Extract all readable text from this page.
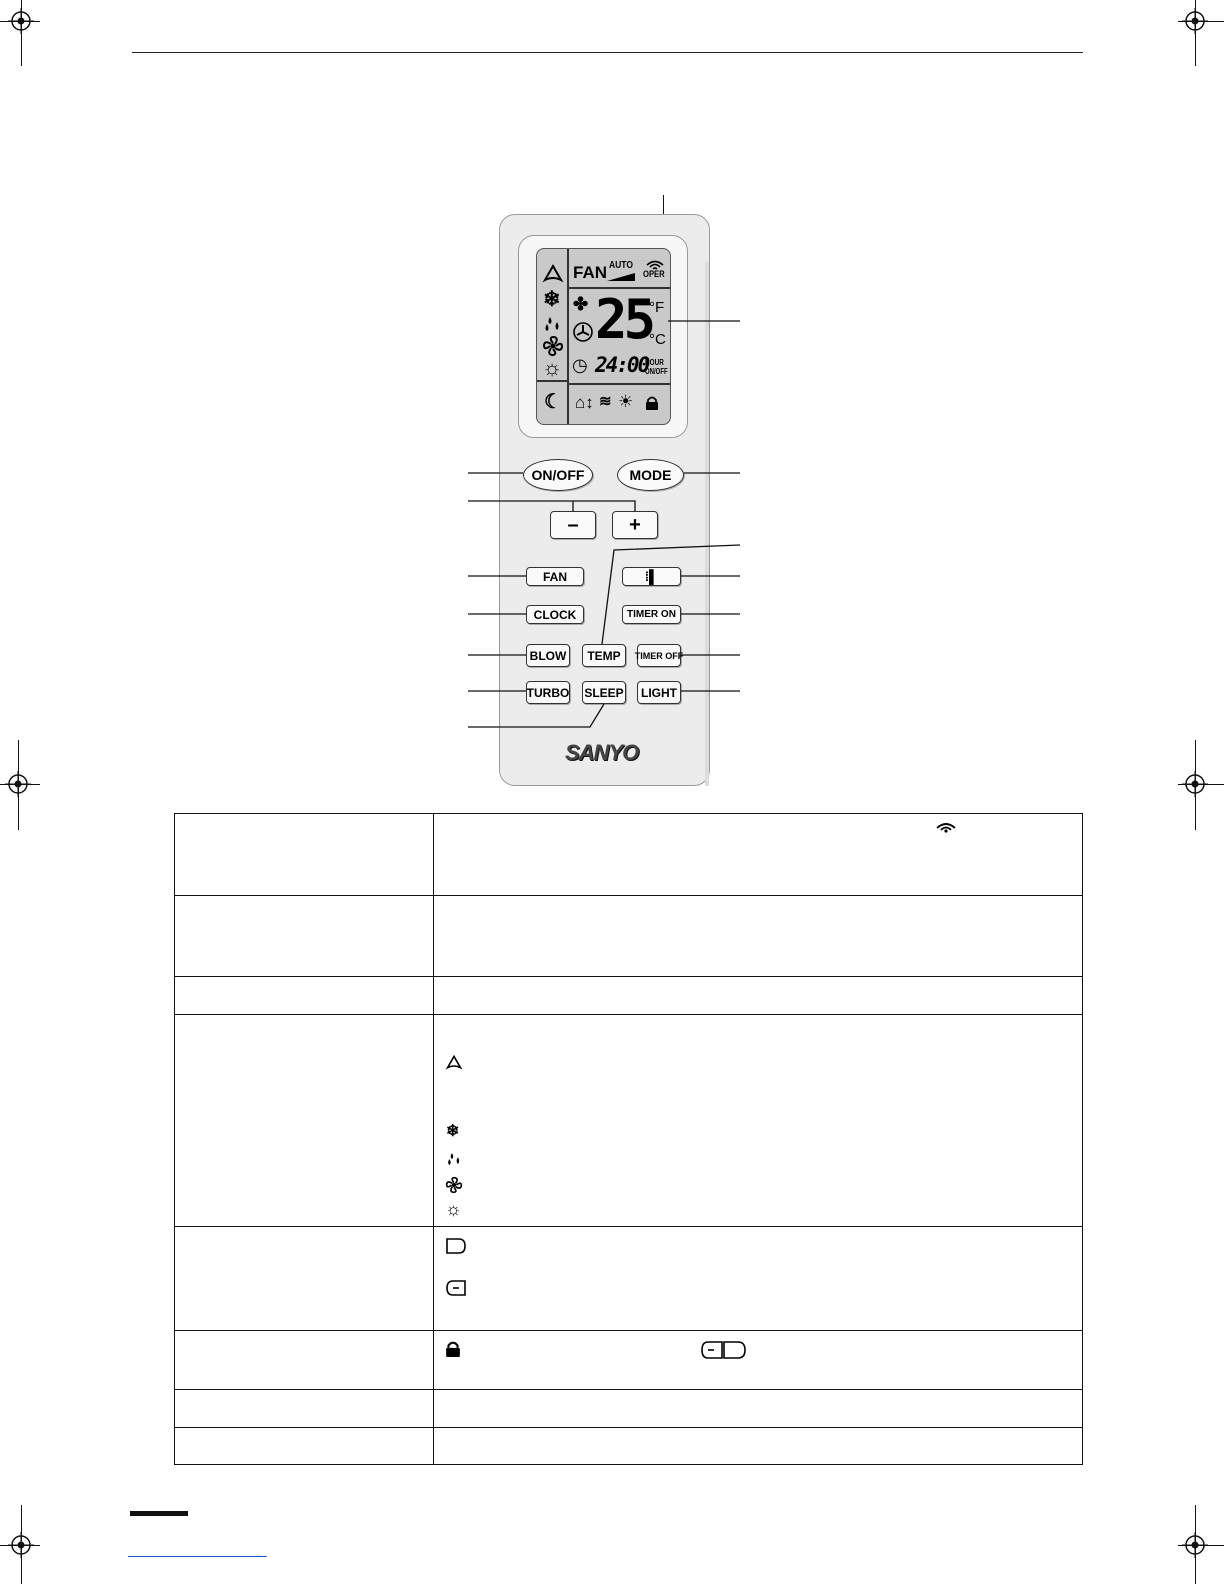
❄
☼
☾
FAN AUTO
OPER
✤ 25
°F
°C
◷ 24:00
HOUR
ON/OFF
⌂↕ ≋ ☀
ON/OFF	MODE
–	+
FAN	⁞▌
CLOCK	TIMER ON
BLOW	TEMP	TIMER OFF
TURBO SLEEP	LIGHT
SANYO
❄
☼
